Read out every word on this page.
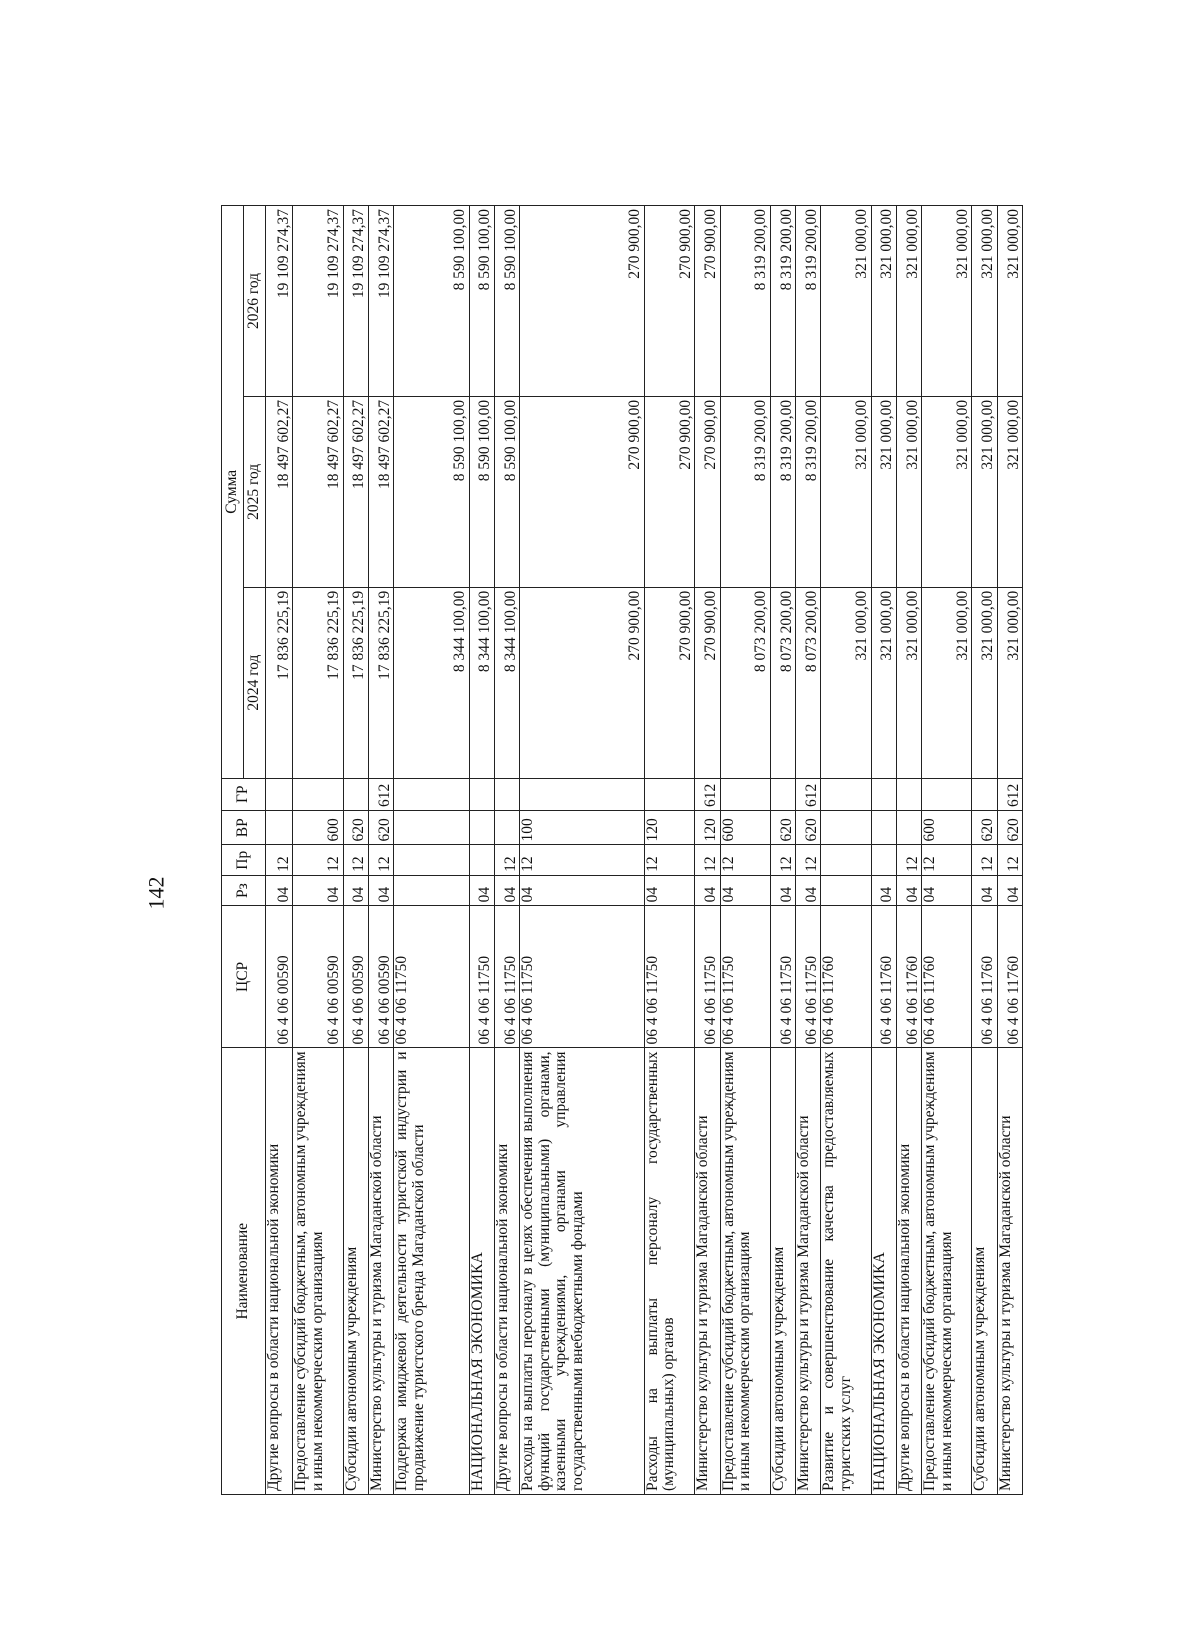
142
Наименование	ЦСР	Рз	Пр	ВР	ГР	Сумма		
						2024 год	2025 год	2026 год
Другие вопросы в области национальной экономики	06 4 06 00590	04	12			17 836 225,19	18 497 602,27	19 109 274,37
Предоставление субсидий бюджетным, автономным учреждениям и иным некоммерческим организациям	06 4 06 00590	04	12	600		17 836 225,19	18 497 602,27	19 109 274,37
Субсидии автономным учреждениям	06 4 06 00590	04	12	620		17 836 225,19	18 497 602,27	19 109 274,37
Министерство культуры и туризма Магаданской области	06 4 06 00590	04	12	620	612	17 836 225,19	18 497 602,27	19 109 274,37
Поддержка имиджевой деятельности туристской индустрии и продвижение туристского бренда Магаданской области	06 4 06 11750					8 344 100,00	8 590 100,00	8 590 100,00
НАЦИОНАЛЬНАЯ ЭКОНОМИКА	06 4 06 11750	04				8 344 100,00	8 590 100,00	8 590 100,00
Другие вопросы в области национальной экономики	06 4 06 11750	04	12			8 344 100,00	8 590 100,00	8 590 100,00
Расходы на выплаты персоналу в целях обеспечения выполнения функций государственными (муниципальными) органами, казенными учреждениями, органами управления государственными внебюджетными фондами	06 4 06 11750	04	12	100		270 900,00	270 900,00	270 900,00
Расходы на выплаты персоналу государственных (муниципальных) органов	06 4 06 11750	04	12	120		270 900,00	270 900,00	270 900,00
Министерство культуры и туризма Магаданской области	06 4 06 11750	04	12	120	612	270 900,00	270 900,00	270 900,00
Предоставление субсидий бюджетным, автономным учреждениям и иным некоммерческим организациям	06 4 06 11750	04	12	600		8 073 200,00	8 319 200,00	8 319 200,00
Субсидии автономным учреждениям	06 4 06 11750	04	12	620		8 073 200,00	8 319 200,00	8 319 200,00
Министерство культуры и туризма Магаданской области	06 4 06 11750	04	12	620	612	8 073 200,00	8 319 200,00	8 319 200,00
Развитие и совершенствование качества предоставляемых туристских услуг	06 4 06 11760					321 000,00	321 000,00	321 000,00
НАЦИОНАЛЬНАЯ ЭКОНОМИКА	06 4 06 11760	04				321 000,00	321 000,00	321 000,00
Другие вопросы в области национальной экономики	06 4 06 11760	04	12			321 000,00	321 000,00	321 000,00
Предоставление субсидий бюджетным, автономным учреждениям и иным некоммерческим организациям	06 4 06 11760	04	12	600		321 000,00	321 000,00	321 000,00
Субсидии автономным учреждениям	06 4 06 11760	04	12	620		321 000,00	321 000,00	321 000,00
Министерство культуры и туризма Магаданской области	06 4 06 11760	04	12	620	612	321 000,00	321 000,00	321 000,00
